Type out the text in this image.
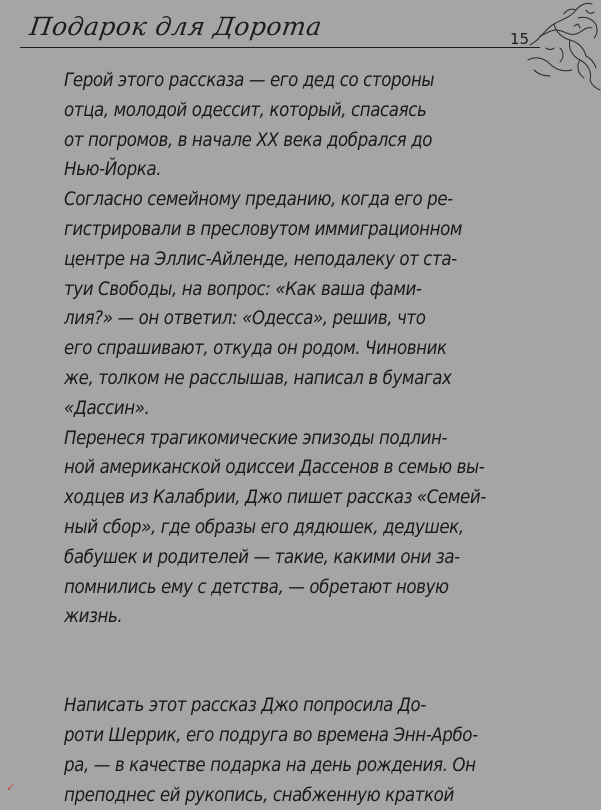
Подарок для Дорота	15

Герой этого рассказа — его дед со стороны
отца, молодой одессит, который, спасаясь
от погромов, в начале XX века добрался до
Нью-Йорка.

Согласно семейному преданию, когда его ре-
гистрировали в пресловутом иммиграционном
центре на Эллис-Айленде, неподалеку от ста-
туи Свободы, на вопрос: «Как ваша фами-
лия?» — он ответил: «Одесса», решив, что
его спрашивают, откуда он родом. Чиновник
же, толком не расслышав, написал в бумагах
«Дассин».

Перенеся трагикомические эпизоды подлин-
ной американской одиссеи Дассенов в семью вы-
ходцев из Калабрии, Джо пишет рассказ «Семей-
ный сбор», где образы его дядюшек, дедушек,
бабушек и родителей — такие, какими они за-
помнились ему с детства, — обретают новую
жизнь.

Написать этот рассказ Джо попросила До-
роти Шеррик, его подруга во времена Энн-Арбо-
ра, — в качестве подарка на день рождения. Он
преподнес ей рукопись, снабженную краткой

✓
